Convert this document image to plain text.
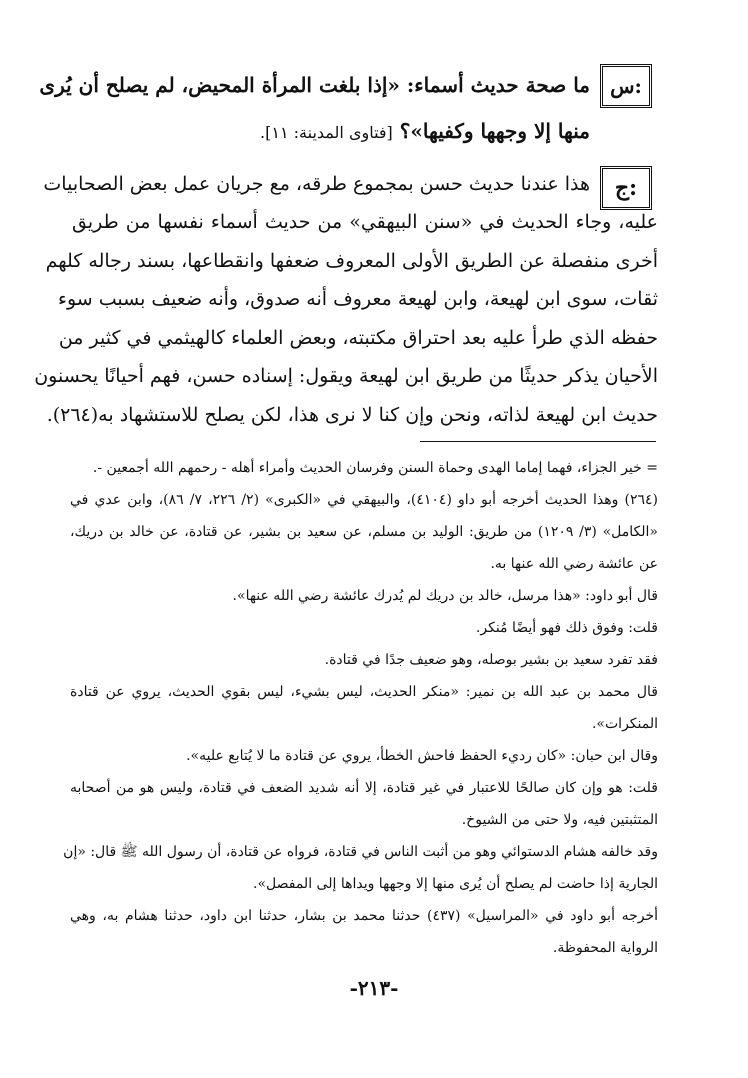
س:
ما صحة حديث أسماء: «إذا بلغت المرأة المحيض، لم يصلح أن يُرى
منها إلا وجهها وكفيها»؟ [فتاوى المدينة: ١١].
ج:
هذا عندنا حديث حسن بمجموع طرقه، مع جريان عمل بعض الصحابيات
عليه، وجاء الحديث في «سنن البيهقي» من حديث أسماء نفسها من طريق
أخرى منفصلة عن الطريق الأولى المعروف ضعفها وانقطاعها، بسند رجاله كلهم
ثقات، سوى ابن لهيعة، وابن لهيعة معروف أنه صدوق، وأنه ضعيف بسبب سوء
حفظه الذي طرأ عليه بعد احتراق مكتبته، وبعض العلماء كالهيثمي في كثير من
الأحيان يذكر حديثًا من طريق ابن لهيعة ويقول: إسناده حسن، فهم أحيانًا يحسنون
حديث ابن لهيعة لذاته، ونحن وإن كنا لا نرى هذا، لكن يصلح للاستشهاد به(٢٦٤).
= خير الجزاء، فهما إماما الهدى وحماة السنن وفرسان الحديث وأمراء أهله - رحمهم الله أجمعين -.
(٢٦٤) وهذا الحديث أخرجه أبو داو (٤١٠٤)، والبيهقي في «الكبرى» (٢/ ٢٢٦، ٧/ ٨٦)، وابن عدي في
«الكامل» (٣/ ١٢٠٩) من طريق: الوليد بن مسلم، عن سعيد بن بشير، عن قتادة، عن خالد بن دريك،
عن عائشة رضي الله عنها به.
قال أبو داود: «هذا مرسل، خالد بن دريك لم يُدرك عائشة رضي الله عنها».
قلت: وفوق ذلك فهو أيضًا مُنكر.
فقد تفرد سعيد بن بشير بوصله، وهو ضعيف جدًا في قتادة.
قال محمد بن عبد الله بن نمير: «منكر الحديث، ليس بشيء، ليس بقوي الحديث، يروي عن قتادة
المنكرات».
وقال ابن حبان: «كان رديء الحفظ فاحش الخطأ، يروي عن قتادة ما لا يُتابع عليه».
قلت: هو وإن كان صالحًا للاعتبار في غير قتادة، إلا أنه شديد الضعف في قتادة، وليس هو من أصحابه
المتثبتين فيه، ولا حتى من الشيوخ.
وقد خالفه هشام الدستوائي وهو من أثبت الناس في قتادة، فرواه عن قتادة، أن رسول الله ﷺ قال: «إن
الجارية إذا حاضت لم يصلح أن يُرى منها إلا وجهها ويداها إلى المفصل».
أخرجه أبو داود في «المراسيل» (٤٣٧) حدثنا محمد بن بشار، حدثنا ابن داود، حدثنا هشام به، وهي
الرواية المحفوظة.
-٢١٣-
